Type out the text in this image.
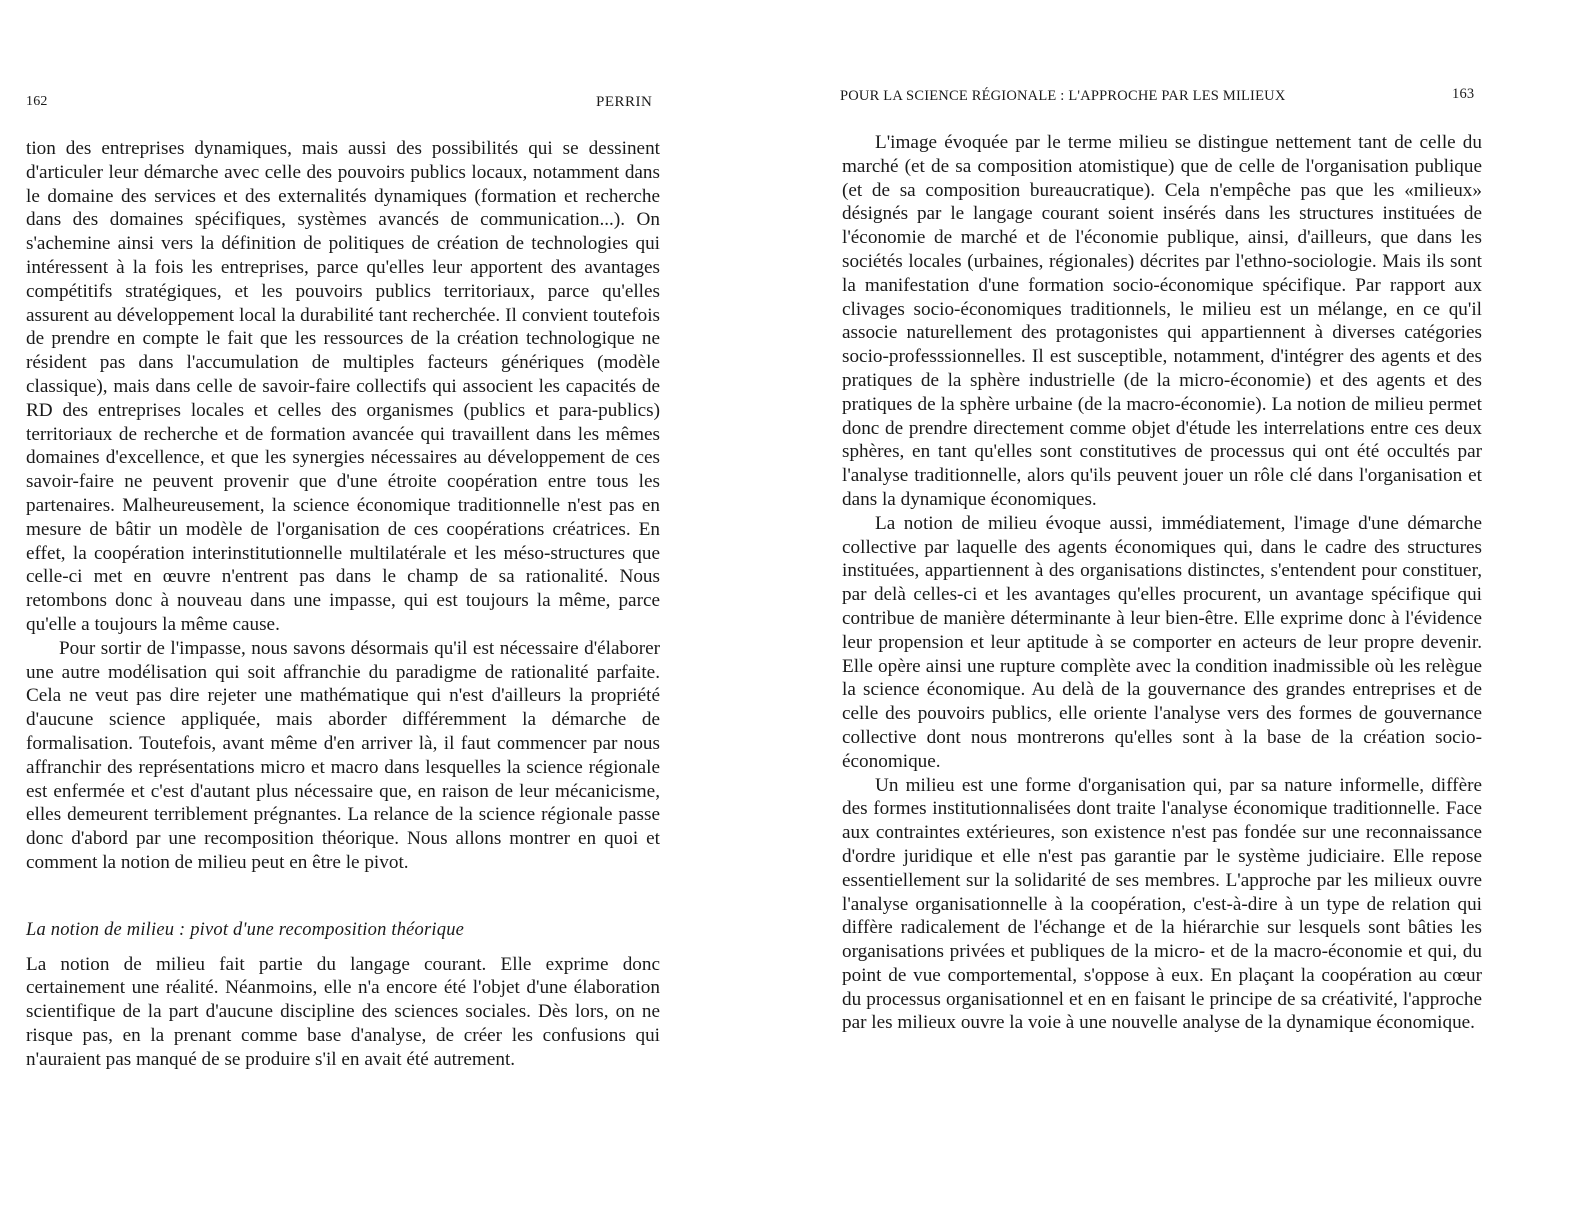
162	PERRIN

tion des entreprises dynamiques, mais aussi des possibilités qui se dessinent d'articuler leur démarche avec celle des pouvoirs publics locaux, notamment dans le domaine des services et des externalités dynamiques (formation et recherche dans des domaines spécifiques, systèmes avancés de communication...). On s'achemine ainsi vers la définition de politiques de création de technologies qui intéressent à la fois les entreprises, parce qu'elles leur apportent des avantages compétitifs stratégiques, et les pouvoirs publics territoriaux, parce qu'elles assurent au développement local la durabilité tant recherchée. Il convient toutefois de prendre en compte le fait que les ressources de la création technologique ne résident pas dans l'accumulation de multiples facteurs génériques (modèle classique), mais dans celle de savoir-faire collectifs qui associent les capacités de RD des entreprises locales et celles des organismes (publics et para-publics) territoriaux de recherche et de formation avancée qui travaillent dans les mêmes domaines d'excellence, et que les synergies nécessaires au développement de ces savoir-faire ne peuvent provenir que d'une étroite coopération entre tous les partenaires. Malheureusement, la science économique traditionnelle n'est pas en mesure de bâtir un modèle de l'organisation de ces coopérations créatrices. En effet, la coopération interinstitutionnelle multilatérale et les méso-structures que celle-ci met en œuvre n'entrent pas dans le champ de sa rationalité. Nous retombons donc à nouveau dans une impasse, qui est toujours la même, parce qu'elle a toujours la même cause.

Pour sortir de l'impasse, nous savons désormais qu'il est nécessaire d'élaborer une autre modélisation qui soit affranchie du paradigme de rationalité parfaite. Cela ne veut pas dire rejeter une mathématique qui n'est d'ailleurs la propriété d'aucune science appliquée, mais aborder différemment la démarche de formalisation. Toutefois, avant même d'en arriver là, il faut commencer par nous affranchir des représentations micro et macro dans lesquelles la science régionale est enfermée et c'est d'autant plus nécessaire que, en raison de leur mécanicisme, elles demeurent terriblement prégnantes. La relance de la science régionale passe donc d'abord par une recomposition théorique. Nous allons montrer en quoi et comment la notion de milieu peut en être le pivot.

La notion de milieu : pivot d'une recomposition théorique

La notion de milieu fait partie du langage courant. Elle exprime donc certainement une réalité. Néanmoins, elle n'a encore été l'objet d'une élaboration scientifique de la part d'aucune discipline des sciences sociales. Dès lors, on ne risque pas, en la prenant comme base d'analyse, de créer les confusions qui n'auraient pas manqué de se produire s'il en avait été autrement.

POUR LA SCIENCE RÉGIONALE : L'APPROCHE PAR LES MILIEUX	163

L'image évoquée par le terme milieu se distingue nettement tant de celle du marché (et de sa composition atomistique) que de celle de l'organisation publique (et de sa composition bureaucratique). Cela n'empêche pas que les «milieux» désignés par le langage courant soient insérés dans les structures instituées de l'économie de marché et de l'économie publique, ainsi, d'ailleurs, que dans les sociétés locales (urbaines, régionales) décrites par l'ethno-sociologie. Mais ils sont la manifestation d'une formation socio-économique spécifique. Par rapport aux clivages socio-économiques traditionnels, le milieu est un mélange, en ce qu'il associe naturellement des protagonistes qui appartiennent à diverses catégories socio-professsionnelles. Il est susceptible, notamment, d'intégrer des agents et des pratiques de la sphère industrielle (de la micro-économie) et des agents et des pratiques de la sphère urbaine (de la macro-économie). La notion de milieu permet donc de prendre directement comme objet d'étude les interrelations entre ces deux sphères, en tant qu'elles sont constitutives de processus qui ont été occultés par l'analyse traditionnelle, alors qu'ils peuvent jouer un rôle clé dans l'organisation et dans la dynamique économiques.

La notion de milieu évoque aussi, immédiatement, l'image d'une démarche collective par laquelle des agents économiques qui, dans le cadre des structures instituées, appartiennent à des organisations distinctes, s'entendent pour constituer, par delà celles-ci et les avantages qu'elles procurent, un avantage spécifique qui contribue de manière déterminante à leur bien-être. Elle exprime donc à l'évidence leur propension et leur aptitude à se comporter en acteurs de leur propre devenir. Elle opère ainsi une rupture complète avec la condition inadmissible où les relègue la science économique. Au delà de la gouvernance des grandes entreprises et de celle des pouvoirs publics, elle oriente l'analyse vers des formes de gouvernance collective dont nous montrerons qu'elles sont à la base de la création socio-économique.

Un milieu est une forme d'organisation qui, par sa nature informelle, diffère des formes institutionnalisées dont traite l'analyse économique traditionnelle. Face aux contraintes extérieures, son existence n'est pas fondée sur une reconnaissance d'ordre juridique et elle n'est pas garantie par le système judiciaire. Elle repose essentiellement sur la solidarité de ses membres. L'approche par les milieux ouvre l'analyse organisationnelle à la coopération, c'est-à-dire à un type de relation qui diffère radicalement de l'échange et de la hiérarchie sur lesquels sont bâties les organisations privées et publiques de la micro- et de la macro-économie et qui, du point de vue comportemental, s'oppose à eux. En plaçant la coopération au cœur du processus organisationnel et en en faisant le principe de sa créativité, l'approche par les milieux ouvre la voie à une nouvelle analyse de la dynamique économique.
